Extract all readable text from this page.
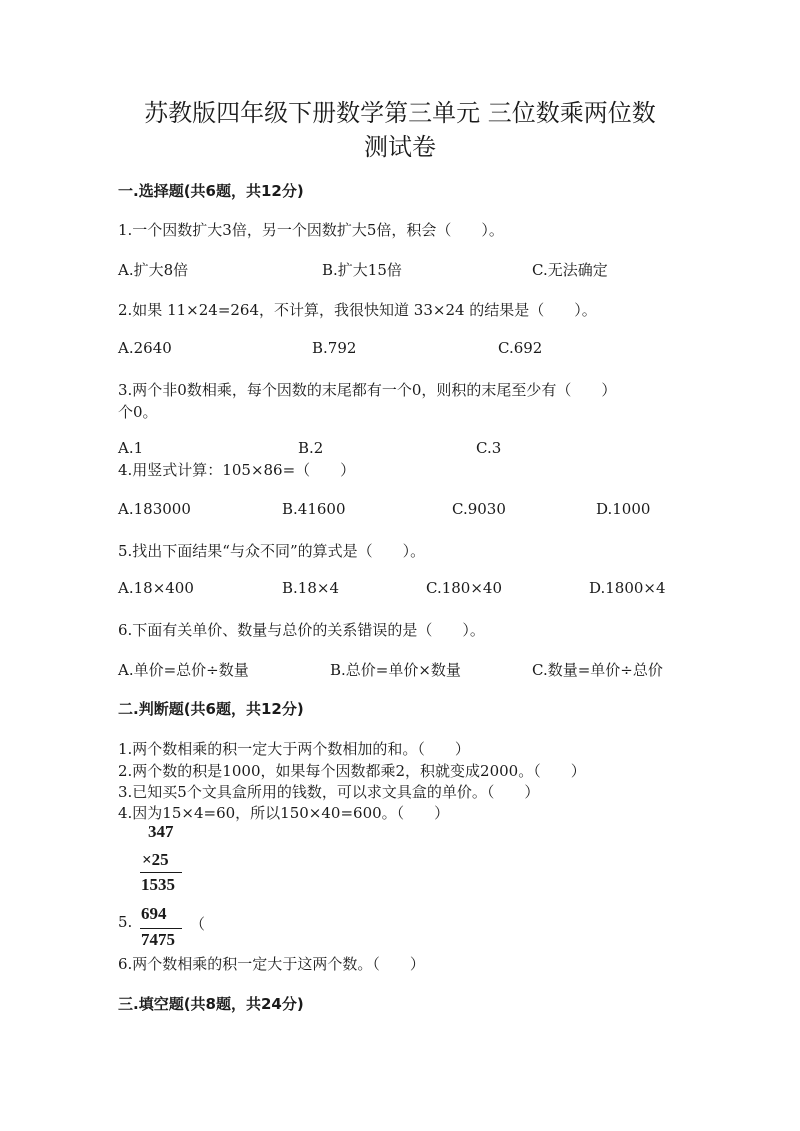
苏教版四年级下册数学第三单元 三位数乘两位数
测试卷
一.选择题(共6题，共12分)
1.一个因数扩大3倍，另一个因数扩大5倍，积会（　　）。
A.扩大8倍	B.扩大15倍	C.无法确定
2.如果 11×24=264，不计算，我很快知道 33×24 的结果是（　　）。
A.2640	B.792	C.692
3.两个非0数相乘，每个因数的末尾都有一个0，则积的末尾至少有（　　）
个0。
A.1	B.2	C.3
4.用竖式计算：105×86=（　　）
A.183000	B.41600	C.9030	D.1000
5.找出下面结果“与众不同”的算式是（　　）。
A.18×400	B.18×4	C.180×40	D.1800×4
6.下面有关单价、数量与总价的关系错误的是（　　）。
A.单价=总价÷数量	B.总价=单价×数量	C.数量=单价÷总价
二.判断题(共6题，共12分)
1.两个数相乘的积一定大于两个数相加的和。（　　）
2.两个数的积是1000，如果每个因数都乘2，积就变成2000。（　　）
3.已知买5个文具盒所用的钱数，可以求文具盒的单价。（　　）
4.因为15×4=60，所以150×40=600。（　　）
347
×25
1535
5. 694
（
7475
6.两个数相乘的积一定大于这两个数。（　　）
三.填空题(共8题，共24分)
